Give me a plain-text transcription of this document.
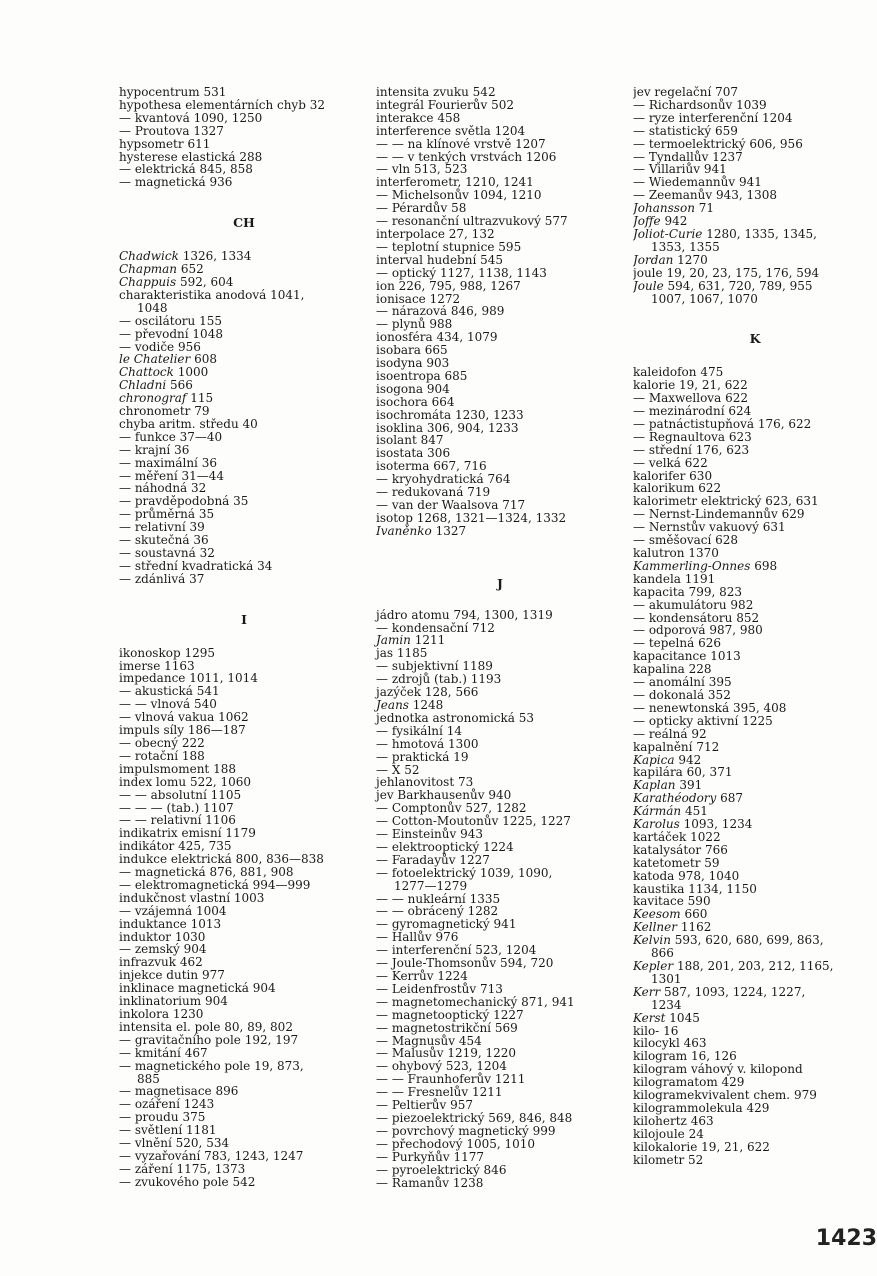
hypocentrum 531
hypothesa elementárních chyb 32
— kvantová 1090, 1250
— Proutova 1327
hypsometr 611
hysterese elastická 288
— elektrická 845, 858
— magnetická 936
CH
Chadwick 1326, 1334
Chapman 652
Chappuis 592, 604
charakteristika anodová 1041,
1048
— oscilátoru 155
— převodní 1048
— vodiče 956
le Chatelier 608
Chattock 1000
Chladni 566
chronograf 115
chronometr 79
chyba aritm. středu 40
— funkce 37—40
— krajní 36
— maximální 36
— měření 31—44
— náhodná 32
— pravděpodobná 35
— průměrná 35
— relativní 39
— skutečná 36
— soustavná 32
— střední kvadratická 34
— zdánlivá 37
I
ikonoskop 1295
imerse 1163
impedance 1011, 1014
— akustická 541
— — vlnová 540
— vlnová vakua 1062
impuls síly 186—187
— obecný 222
— rotační 188
impulsmoment 188
index lomu 522, 1060
— — absolutní 1105
— — — (tab.) 1107
— — relativní 1106
indikatrix emisní 1179
indikátor 425, 735
indukce elektrická 800, 836—838
— magnetická 876, 881, 908
— elektromagnetická 994—999
indukčnost vlastní 1003
— vzájemná 1004
induktance 1013
induktor 1030
— zemský 904
infrazvuk 462
injekce dutin 977
inklinace magnetická 904
inklinatorium 904
inkolora 1230
intensita el. pole 80, 89, 802
— gravitačního pole 192, 197
— kmitání 467
— magnetického pole 19, 873,
885
— magnetisace 896
— ozáření 1243
— proudu 375
— světlení 1181
— vlnění 520, 534
— vyzařování 783, 1243, 1247
— záření 1175, 1373
— zvukového pole 542
intensita zvuku 542
integrál Fourierův 502
interakce 458
interference světla 1204
— — na klínové vrstvě 1207
— — v tenkých vrstvách 1206
— vln 513, 523
interferometr, 1210, 1241
— Michelsonův 1094, 1210
— Pérardův 58
— resonanční ultrazvukový 577
interpolace 27, 132
— teplotní stupnice 595
interval hudební 545
— optický 1127, 1138, 1143
ion 226, 795, 988, 1267
ionisace 1272
— nárazová 846, 989
— plynů 988
ionosféra 434, 1079
isobara 665
isodyna 903
isoentropa 685
isogona 904
isochora 664
isochromáta 1230, 1233
isoklina 306, 904, 1233
isolant 847
isostata 306
isoterma 667, 716
— kryohydratická 764
— redukovaná 719
— van der Waalsova 717
isotop 1268, 1321—1324, 1332
Ivaněnko 1327
J
jádro atomu 794, 1300, 1319
— kondensační 712
Jamin 1211
jas 1185
— subjektivní 1189
— zdrojů (tab.) 1193
jazýček 128, 566
Jeans 1248
jednotka astronomická 53
— fysikální 14
— hmotová 1300
— praktická 19
— X 52
jehlanovitost 73
jev Barkhausenův 940
— Comptonův 527, 1282
— Cotton-Moutonův 1225, 1227
— Einsteinův 943
— elektrooptický 1224
— Faradayův 1227
— fotoelektrický 1039, 1090,
1277—1279
— — nukleární 1335
— — obrácený 1282
— gyromagnetický 941
— Hallův 976
— interferenční 523, 1204
— Joule-Thomsonův 594, 720
— Kerrův 1224
— Leidenfrostův 713
— magnetomechanický 871, 941
— magnetooptický 1227
— magnetostrikční 569
— Magnusův 454
— Malusův 1219, 1220
— ohybový 523, 1204
— — Fraunhoferův 1211
— — Fresnelův 1211
— Peltierův 957
— piezoelektrický 569, 846, 848
— povrchový magnetický 999
— přechodový 1005, 1010
— Purkyňův 1177
— pyroelektrický 846
— Ramanův 1238
jev regelační 707
— Richardsonův 1039
— ryze interferenční 1204
— statistický 659
— termoelektrický 606, 956
— Tyndallův 1237
— Villariův 941
— Wiedemannův 941
— Zeemanův 943, 1308
Johansson 71
Joffe 942
Joliot-Curie 1280, 1335, 1345,
1353, 1355
Jordan 1270
joule 19, 20, 23, 175, 176, 594
Joule 594, 631, 720, 789, 955
1007, 1067, 1070
K
kaleidofon 475
kalorie 19, 21, 622
— Maxwellova 622
— mezinárodní 624
— patnáctistupňová 176, 622
— Regnaultova 623
— střední 176, 623
— velká 622
kalorifer 630
kalorikum 622
kalorimetr elektrický 623, 631
— Nernst-Lindemannův 629
— Nernstův vakuový 631
— směšovací 628
kalutron 1370
Kammerling-Onnes 698
kandela 1191
kapacita 799, 823
— akumulátoru 982
— kondensátoru 852
— odporová 987, 980
— tepelná 626
kapacitance 1013
kapalina 228
— anomální 395
— dokonalá 352
— nenewtonská 395, 408
— opticky aktivní 1225
— reálná 92
kapalnění 712
Kapica 942
kapilára 60, 371
Kaplan 391
Karathéodory 687
Kármán 451
Karolus 1093, 1234
kartáček 1022
katalysátor 766
katetometr 59
katoda 978, 1040
kaustika 1134, 1150
kavitace 590
Keesom 660
Kellner 1162
Kelvin 593, 620, 680, 699, 863,
866
Kepler 188, 201, 203, 212, 1165,
1301
Kerr 587, 1093, 1224, 1227,
1234
Kerst 1045
kilo- 16
kilocykl 463
kilogram 16, 126
kilogram váhový v. kilopond
kilogramatom 429
kilogramekvivalent chem. 979
kilogrammolekula 429
kilohertz 463
kilojoule 24
kilokalorie 19, 21, 622
kilometr 52
1423
